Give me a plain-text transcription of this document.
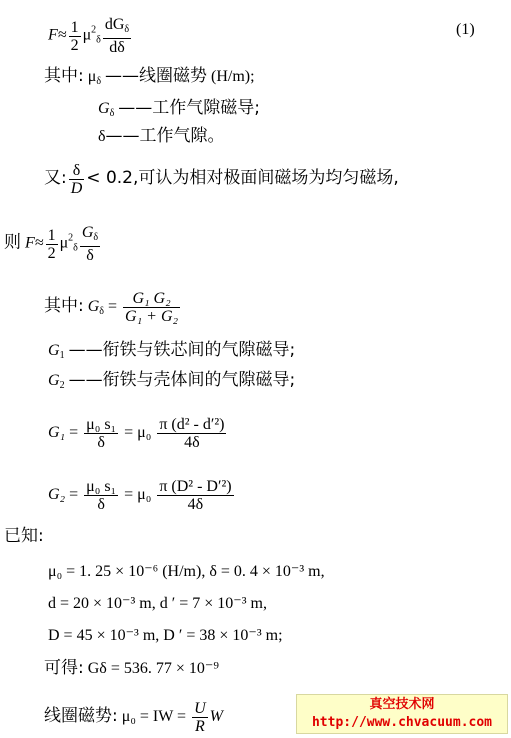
$F\approx \frac{1}{2} \mu^2_\delta \frac{dG_\delta}{d\delta}$	(1)
其中: $\mu_\delta$ ——线圈磁势 (H/m);
$G_\delta$ ——工作气隙磁导;
δ——工作气隙。
又: $\frac{\delta}{D} < 0.2$,可认为相对极面间磁场为均匀磁场,
则 $F\approx \frac{1}{2} \mu^2_\delta \frac{G_\delta}{\delta}$
其中: $G_\delta = \frac{\text{G₁ G₂}}{\text{G₁ + G₂}}$
$G_1$ ——衔铁与铁芯间的气隙磁导;
$G_2$ ——衔铁与壳体间的气隙磁导;
$G_1 = \frac{\text{μ₀ s₁}}{\delta} = \mu_0 \frac{\text{π (d² - d′²)}}{4\delta}$
$G_2 = \frac{\text{μ₀ s₁}}{\delta} = \mu_0 \frac{\text{π (D² - D′²)}}{4\delta}$
已知:
μ₀ = 1. 25 × 10⁻⁶ (H/m), δ = 0. 4 × 10⁻³ m,
d = 20 × 10⁻³ m, d ′ = 7 × 10⁻³ m,
D = 45 × 10⁻³ m, D ′ = 38 × 10⁻³ m;
可得: Gδ = 536. 77 × 10⁻⁹
线圈磁势: μ₀ = IW = $\frac{U}{R}$ W
真空技术网
http://www.chvacuum.com
